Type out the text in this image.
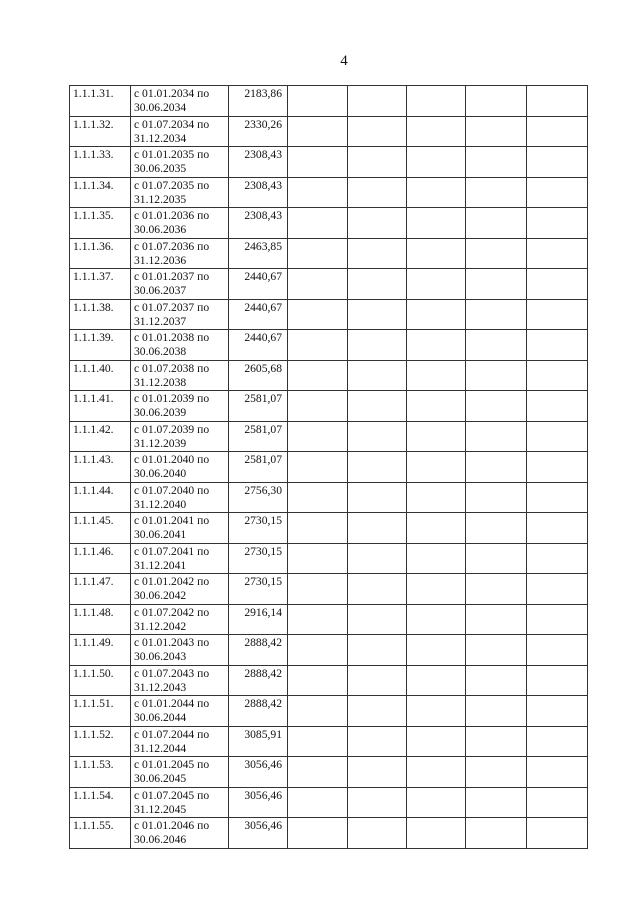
4
1.1.1.31.	с 01.01.2034 по
30.06.2034	2183,86					

1.1.1.32.	с 01.07.2034 по
31.12.2034	2330,26					

1.1.1.33.	с 01.01.2035 по
30.06.2035	2308,43					

1.1.1.34.	с 01.07.2035 по
31.12.2035	2308,43					

1.1.1.35.	с 01.01.2036 по
30.06.2036	2308,43					

1.1.1.36.	с 01.07.2036 по
31.12.2036	2463,85					

1.1.1.37.	с 01.01.2037 по
30.06.2037	2440,67					

1.1.1.38.	с 01.07.2037 по
31.12.2037	2440,67					

1.1.1.39.	с 01.01.2038 по
30.06.2038	2440,67					

1.1.1.40.	с 01.07.2038 по
31.12.2038	2605,68					

1.1.1.41.	с 01.01.2039 по
30.06.2039	2581,07					

1.1.1.42.	с 01.07.2039 по
31.12.2039	2581,07					

1.1.1.43.	с 01.01.2040 по
30.06.2040	2581,07					

1.1.1.44.	с 01.07.2040 по
31.12.2040	2756,30					

1.1.1.45.	с 01.01.2041 по
30.06.2041	2730,15					

1.1.1.46.	с 01.07.2041 по
31.12.2041	2730,15					

1.1.1.47.	с 01.01.2042 по
30.06.2042	2730,15					

1.1.1.48.	с 01.07.2042 по
31.12.2042	2916,14					

1.1.1.49.	с 01.01.2043 по
30.06.2043	2888,42					

1.1.1.50.	с 01.07.2043 по
31.12.2043	2888,42					

1.1.1.51.	с 01.01.2044 по
30.06.2044	2888,42					

1.1.1.52.	с 01.07.2044 по
31.12.2044	3085,91					

1.1.1.53.	с 01.01.2045 по
30.06.2045	3056,46					

1.1.1.54.	с 01.07.2045 по
31.12.2045	3056,46					

1.1.1.55.	с 01.01.2046 по
30.06.2046	3056,46					
